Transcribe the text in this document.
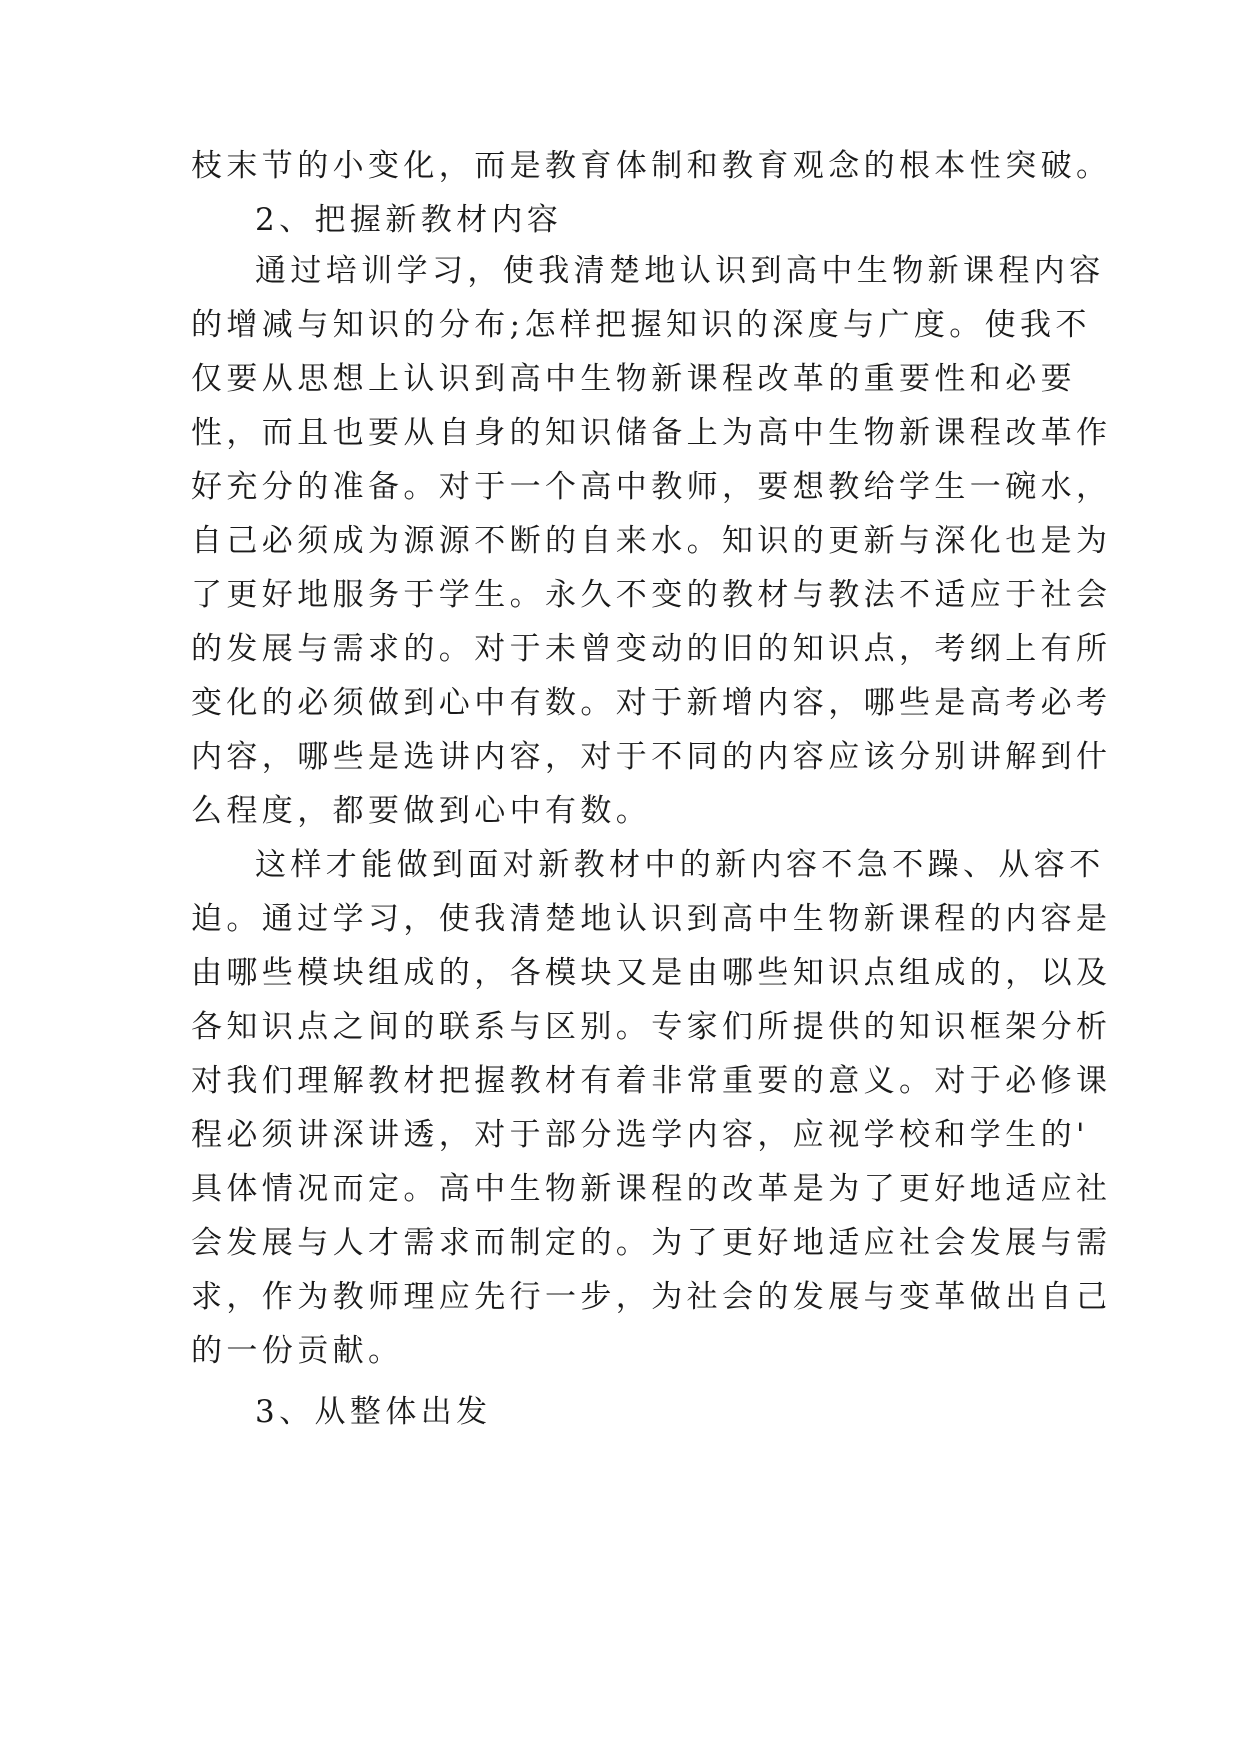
枝末节的小变化，而是教育体制和教育观念的根本性突破。

2、把握新教材内容

通过培训学习，使我清楚地认识到高中生物新课程内容

的增减与知识的分布;怎样把握知识的深度与广度。使我不

仅要从思想上认识到高中生物新课程改革的重要性和必要

性，而且也要从自身的知识储备上为高中生物新课程改革作

好充分的准备。对于一个高中教师，要想教给学生一碗水，

自己必须成为源源不断的自来水。知识的更新与深化也是为

了更好地服务于学生。永久不变的教材与教法不适应于社会

的发展与需求的。对于未曾变动的旧的知识点，考纲上有所

变化的必须做到心中有数。对于新增内容，哪些是高考必考

内容，哪些是选讲内容，对于不同的内容应该分别讲解到什

么程度，都要做到心中有数。

这样才能做到面对新教材中的新内容不急不躁、从容不

迫。通过学习，使我清楚地认识到高中生物新课程的内容是

由哪些模块组成的，各模块又是由哪些知识点组成的，以及

各知识点之间的联系与区别。专家们所提供的知识框架分析

对我们理解教材把握教材有着非常重要的意义。对于必修课

程必须讲深讲透，对于部分选学内容，应视学校和学生的'

具体情况而定。高中生物新课程的改革是为了更好地适应社

会发展与人才需求而制定的。为了更好地适应社会发展与需

求，作为教师理应先行一步，为社会的发展与变革做出自己

的一份贡献。

3、从整体出发
